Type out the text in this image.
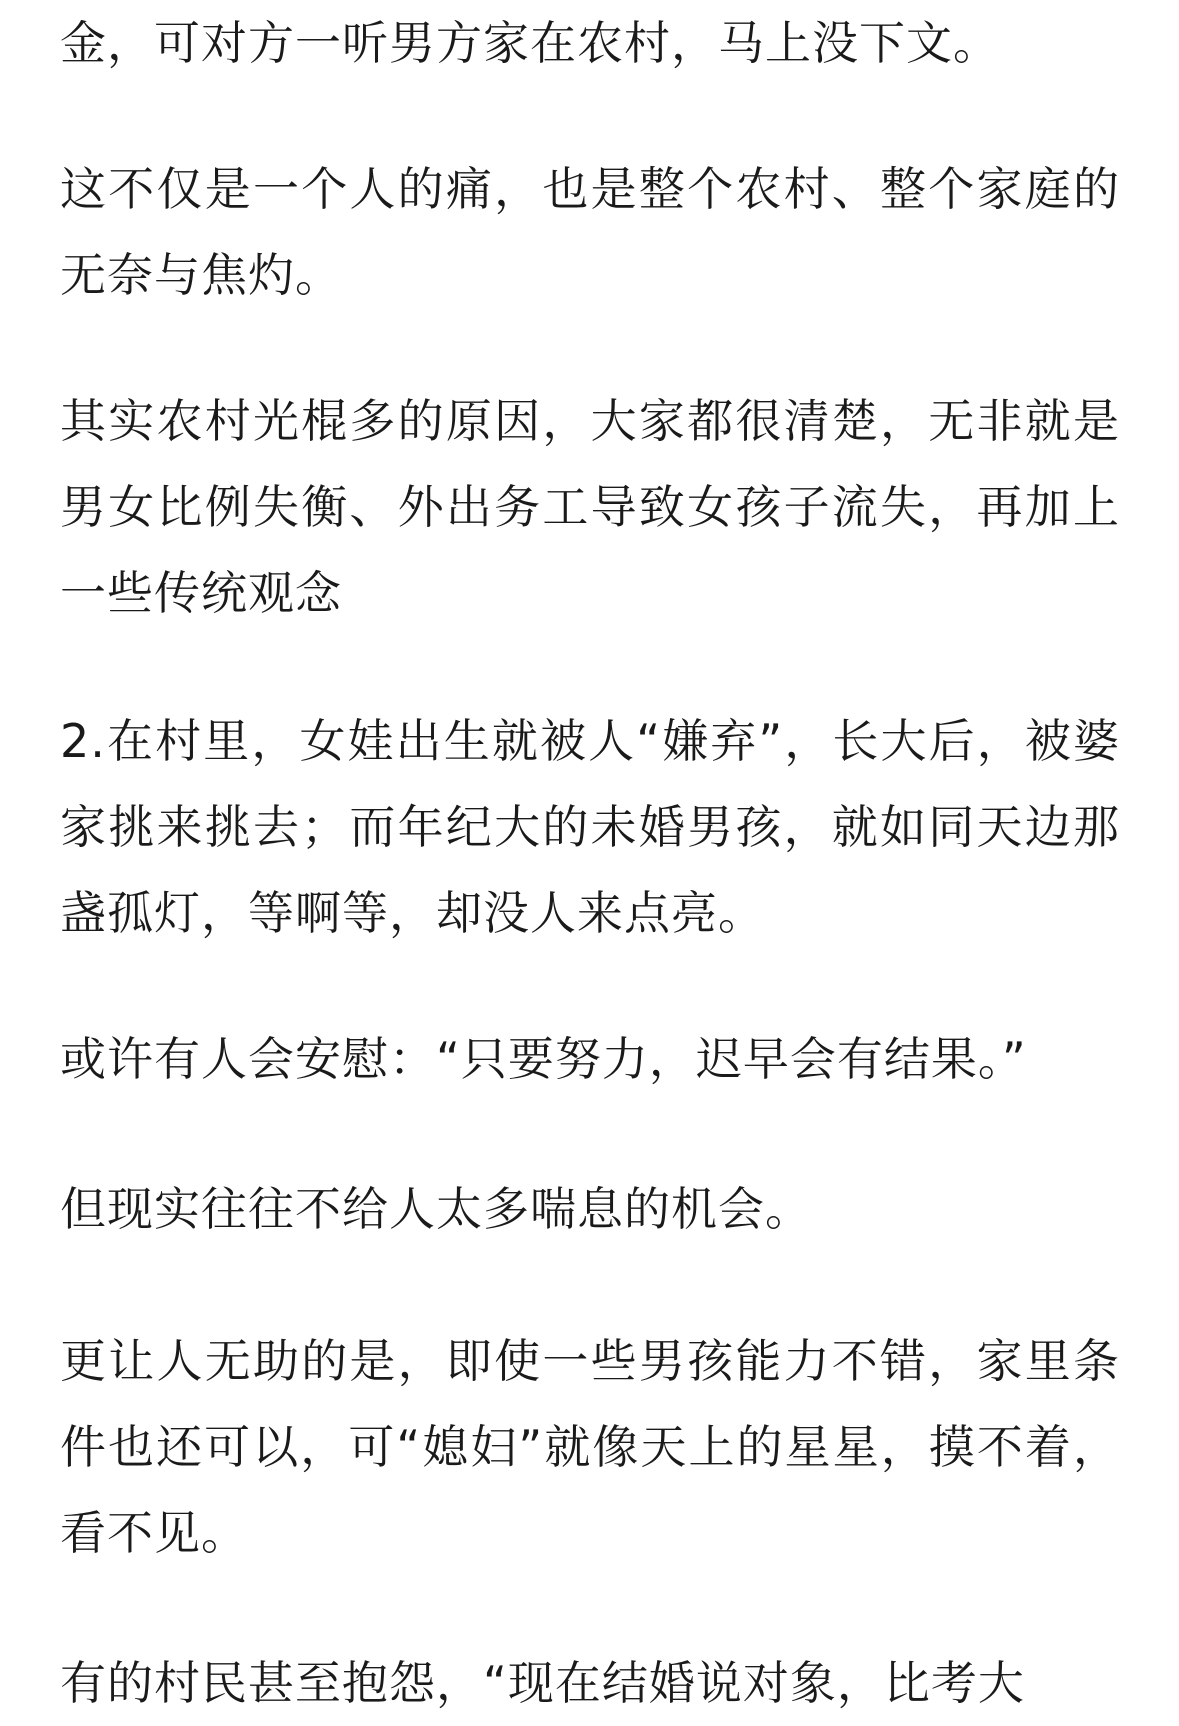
金，可对方一听男方家在农村，马上没下文。

这不仅是一个人的痛，也是整个农村、整个家庭的无奈与焦灼。

其实农村光棍多的原因，大家都很清楚，无非就是男女比例失衡、外出务工导致女孩子流失，再加上一些传统观念

2.在村里，女娃出生就被人“嫌弃”，长大后，被婆家挑来挑去；而年纪大的未婚男孩，就如同天边那盏孤灯，等啊等，却没人来点亮。

或许有人会安慰：“只要努力，迟早会有结果。”

但现实往往不给人太多喘息的机会。

更让人无助的是，即使一些男孩能力不错，家里条件也还可以，可“媳妇”就像天上的星星，摸不着，看不见。

有的村民甚至抱怨，“现在结婚说对象，比考大
